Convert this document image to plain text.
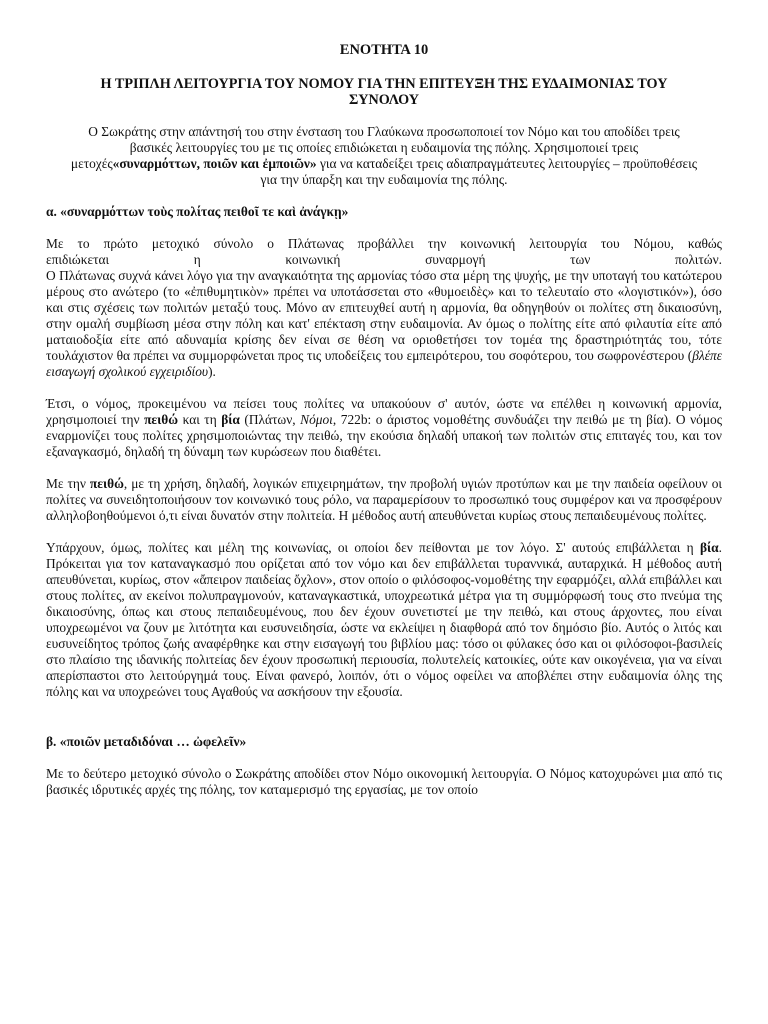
ΕΝΟΤΗΤΑ 10
Η ΤΡΙΠΛΗ ΛΕΙΤΟΥΡΓΙΑ ΤΟΥ ΝΟΜΟΥ ΓΙΑ ΤΗΝ ΕΠΙΤΕΥΞΗ ΤΗΣ ΕΥΔΑΙΜΟΝΙΑΣ ΤΟΥ ΣΥΝΟΛΟΥ
Ο Σωκράτης στην απάντησή του στην ένσταση του Γλαύκωνα προσωποποιεί τον Νόμο και του αποδίδει τρεις βασικές λειτουργίες του με τις οποίες επιδιώκεται η ευδαιμονία της πόλης. Χρησιμοποιεί τρεις μετοχές«συναρμόττων, ποιῶν και ἐμποιῶν» για να καταδείξει τρεις αδιαπραγμάτευτες λειτουργίες – προϋποθέσεις για την ύπαρξη και την ευδαιμονία της πόλης.
α. «συναρμόττων τοὺς πολίτας πειθοῖ τε καὶ ἀνάγκῃ»
Με το πρώτο μετοχικό σύνολο ο Πλάτωνας προβάλλει την κοινωνική λειτουργία του Νόμου, καθώς
επιδιώκεται η κοινωνική συναρμογή των πολιτών.
Ο Πλάτωνας συχνά κάνει λόγο για την αναγκαιότητα της αρμονίας τόσο στα μέρη της ψυχής, με την υποταγή του κατώτερου μέρους στο ανώτερο (το «ἐπιθυμητικὸν» πρέπει να υποτάσσεται στο «θυμοειδὲς» και το τελευταίο στο «λογιστικόν»), όσο και στις σχέσεις των πολιτών μεταξύ τους. Μόνο αν επιτευχθεί αυτή η αρμονία, θα οδηγηθούν οι πολίτες στη δικαιοσύνη, στην ομαλή συμβίωση μέσα στην πόλη και κατ' επέκταση στην ευδαιμονία. Αν όμως ο πολίτης είτε από φιλαυτία είτε από ματαιοδοξία είτε από αδυναμία κρίσης δεν είναι σε θέση να οριοθετήσει τον τομέα της δραστηριότητάς του, τότε τουλάχιστον θα πρέπει να συμμορφώνεται προς τις υποδείξεις του εμπειρότερου, του σοφότερου, του σωφρονέστερου (βλέπε εισαγωγή σχολικού εγχειριδίου).
Έτσι, ο νόμος, προκειμένου να πείσει τους πολίτες να υπακούουν σ' αυτόν, ώστε να επέλθει η κοινωνική αρμονία, χρησιμοποιεί την πειθώ και τη βία (Πλάτων, Νόμοι, 722b: ο άριστος νομοθέτης συνδυάζει την πειθώ με τη βία). Ο νόμος εναρμονίζει τους πολίτες χρησιμοποιώντας την πειθώ, την εκούσια δηλαδή υπακοή των πολιτών στις επιταγές του, και τον εξαναγκασμό, δηλαδή τη δύναμη των κυρώσεων που διαθέτει.
Με την πειθώ, με τη χρήση, δηλαδή, λογικών επιχειρημάτων, την προβολή υγιών προτύπων και με την παιδεία οφείλουν οι πολίτες να συνειδητοποιήσουν τον κοινωνικό τους ρόλο, να παραμερίσουν το προσωπικό τους συμφέρον και να προσφέρουν αλληλοβοηθούμενοι ό,τι είναι δυνατόν στην πολιτεία. Η μέθοδος αυτή απευθύνεται κυρίως στους πεπαιδευμένους πολίτες.
Υπάρχουν, όμως, πολίτες και μέλη της κοινωνίας, οι οποίοι δεν πείθονται με τον λόγο. Σ' αυτούς επιβάλλεται η βία. Πρόκειται για τον καταναγκασμό που ορίζεται από τον νόμο και δεν επιβάλλεται τυραννικά, αυταρχικά. Η μέθοδος αυτή απευθύνεται, κυρίως, στον «ἄπειρον παιδείας ὄχλον», στον οποίο ο φιλόσοφος-νομοθέτης την εφαρμόζει, αλλά επιβάλλει και στους πολίτες, αν εκείνοι πολυπραγμονούν, καταναγκαστικά, υποχρεωτικά μέτρα για τη συμμόρφωσή τους στο πνεύμα της δικαιοσύνης, όπως και στους πεπαιδευμένους, που δεν έχουν συνετιστεί με την πειθώ, και στους άρχοντες, που είναι υποχρεωμένοι να ζουν με λιτότητα και ευσυνειδησία, ώστε να εκλείψει η διαφθορά από τον δημόσιο βίο. Αυτός ο λιτός και ευσυνείδητος τρόπος ζωής αναφέρθηκε και στην εισαγωγή του βιβλίου μας: τόσο οι φύλακες όσο και οι φιλόσοφοι-βασιλείς στο πλαίσιο της ιδανικής πολιτείας δεν έχουν προσωπική περιουσία, πολυτελείς κατοικίες, ούτε καν οικογένεια, για να είναι απερίσπαστοι στο λειτούργημά τους. Είναι φανερό, λοιπόν, ότι ο νόμος οφείλει να αποβλέπει στην ευδαιμονία όλης της πόλης και να υποχρεώνει τους Αγαθούς να ασκήσουν την εξουσία.
β. «ποιῶν μεταδιδόναι … ὠφελεῖν»
Με το δεύτερο μετοχικό σύνολο ο Σωκράτης αποδίδει στον Νόμο οικονομική λειτουργία. Ο Νόμος κατοχυρώνει μια από τις βασικές ιδρυτικές αρχές της πόλης, τον καταμερισμό της εργασίας, με τον οποίο
